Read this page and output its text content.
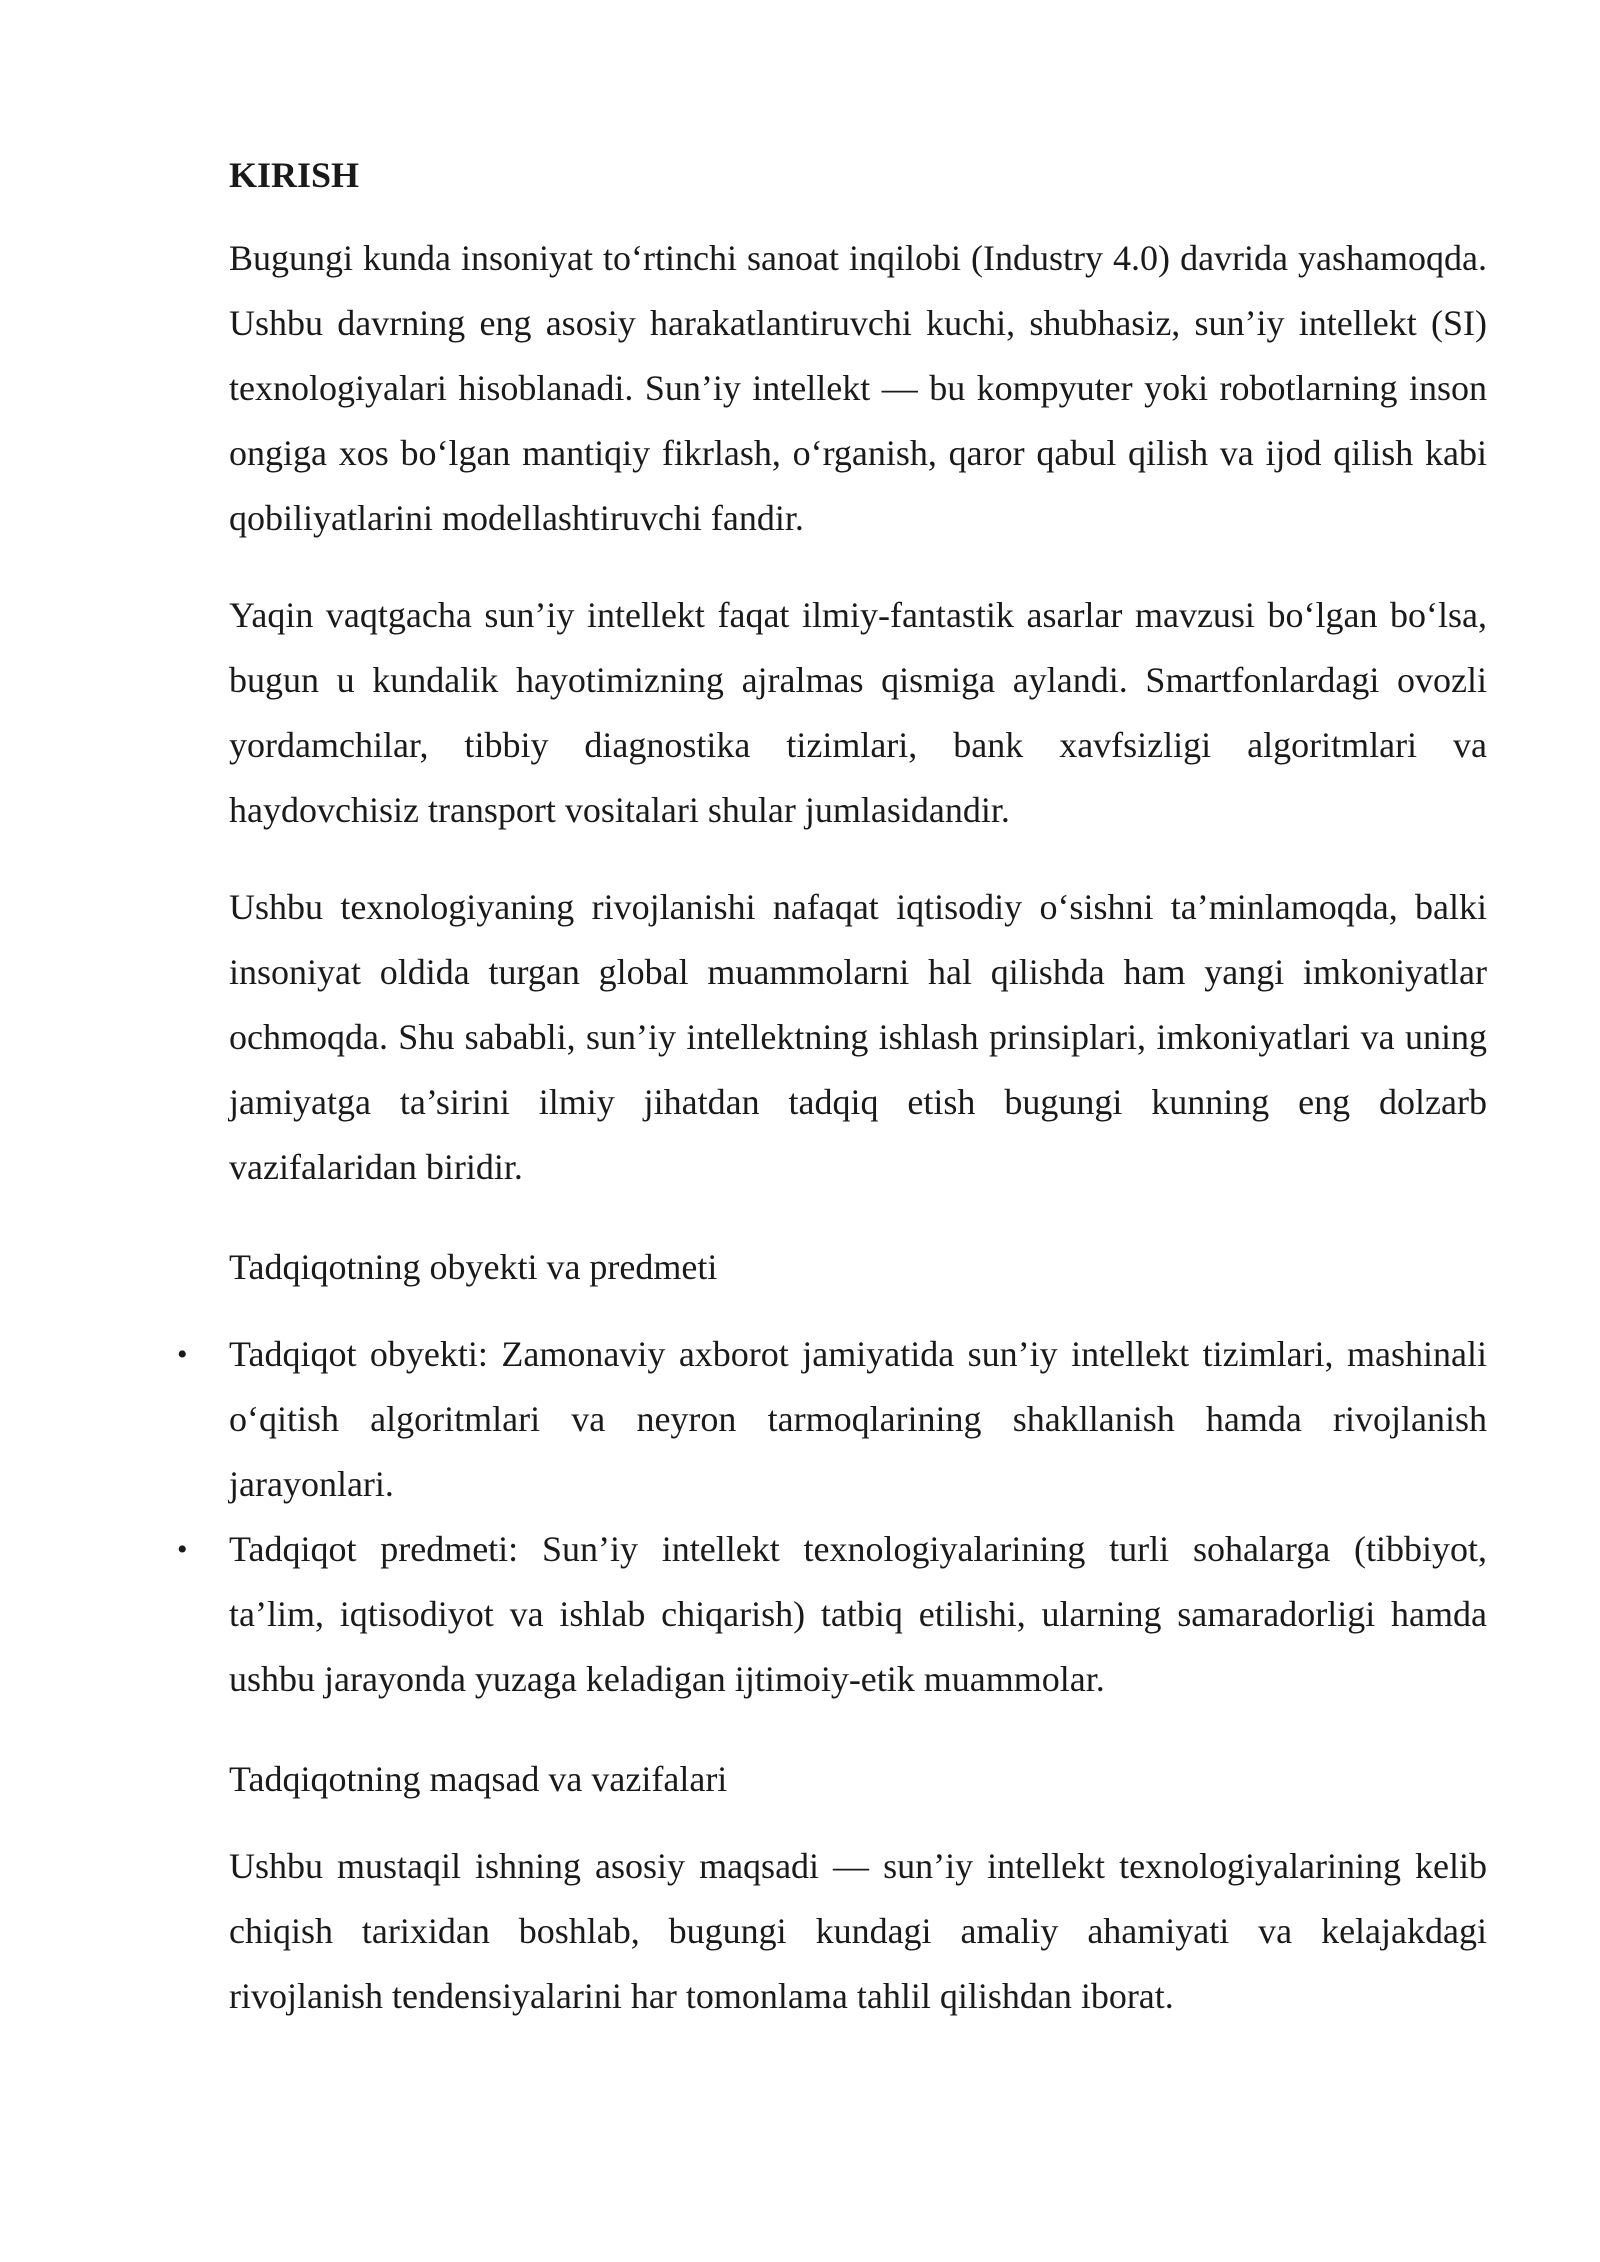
KIRISH

Bugungi kunda insoniyat to‘rtinchi sanoat inqilobi (Industry 4.0) davrida yashamoqda. Ushbu davrning eng asosiy harakatlantiruvchi kuchi, shubhasiz, sun’iy intellekt (SI) texnologiyalari hisoblanadi. Sun’iy intellekt — bu kompyuter yoki robotlarning inson ongiga xos bo‘lgan mantiqiy fikrlash, o‘rganish, qaror qabul qilish va ijod qilish kabi qobiliyatlarini modellashtiruvchi fandir.

Yaqin vaqtgacha sun’iy intellekt faqat ilmiy-fantastik asarlar mavzusi bo‘lgan bo‘lsa, bugun u kundalik hayotimizning ajralmas qismiga aylandi. Smartfonlardagi ovozli yordamchilar, tibbiy diagnostika tizimlari, bank xavfsizligi algoritmlari va haydovchisiz transport vositalari shular jumlasidandir.

Ushbu texnologiyaning rivojlanishi nafaqat iqtisodiy o‘sishni ta’minlamoqda, balki insoniyat oldida turgan global muammolarni hal qilishda ham yangi imkoniyatlar ochmoqda. Shu sababli, sun’iy intellektning ishlash prinsiplari, imkoniyatlari va uning jamiyatga ta’sirini ilmiy jihatdan tadqiq etish bugungi kunning eng dolzarb vazifalaridan biridir.

Tadqiqotning obyekti va predmeti
• Tadqiqot obyekti: Zamonaviy axborot jamiyatida sun’iy intellekt tizimlari, mashinali o‘qitish algoritmlari va neyron tarmoqlarining shakllanish hamda rivojlanish jarayonlari.
• Tadqiqot predmeti: Sun’iy intellekt texnologiyalarining turli sohalarga (tibbiyot, ta’lim, iqtisodiyot va ishlab chiqarish) tatbiq etilishi, ularning samaradorligi hamda ushbu jarayonda yuzaga keladigan ijtimoiy-etik muammolar.
Tadqiqotning maqsad va vazifalari

Ushbu mustaqil ishning asosiy maqsadi — sun’iy intellekt texnologiyalarining kelib chiqish tarixidan boshlab, bugungi kundagi amaliy ahamiyati va kelajakdagi rivojlanish tendensiyalarini har tomonlama tahlil qilishdan iborat.
